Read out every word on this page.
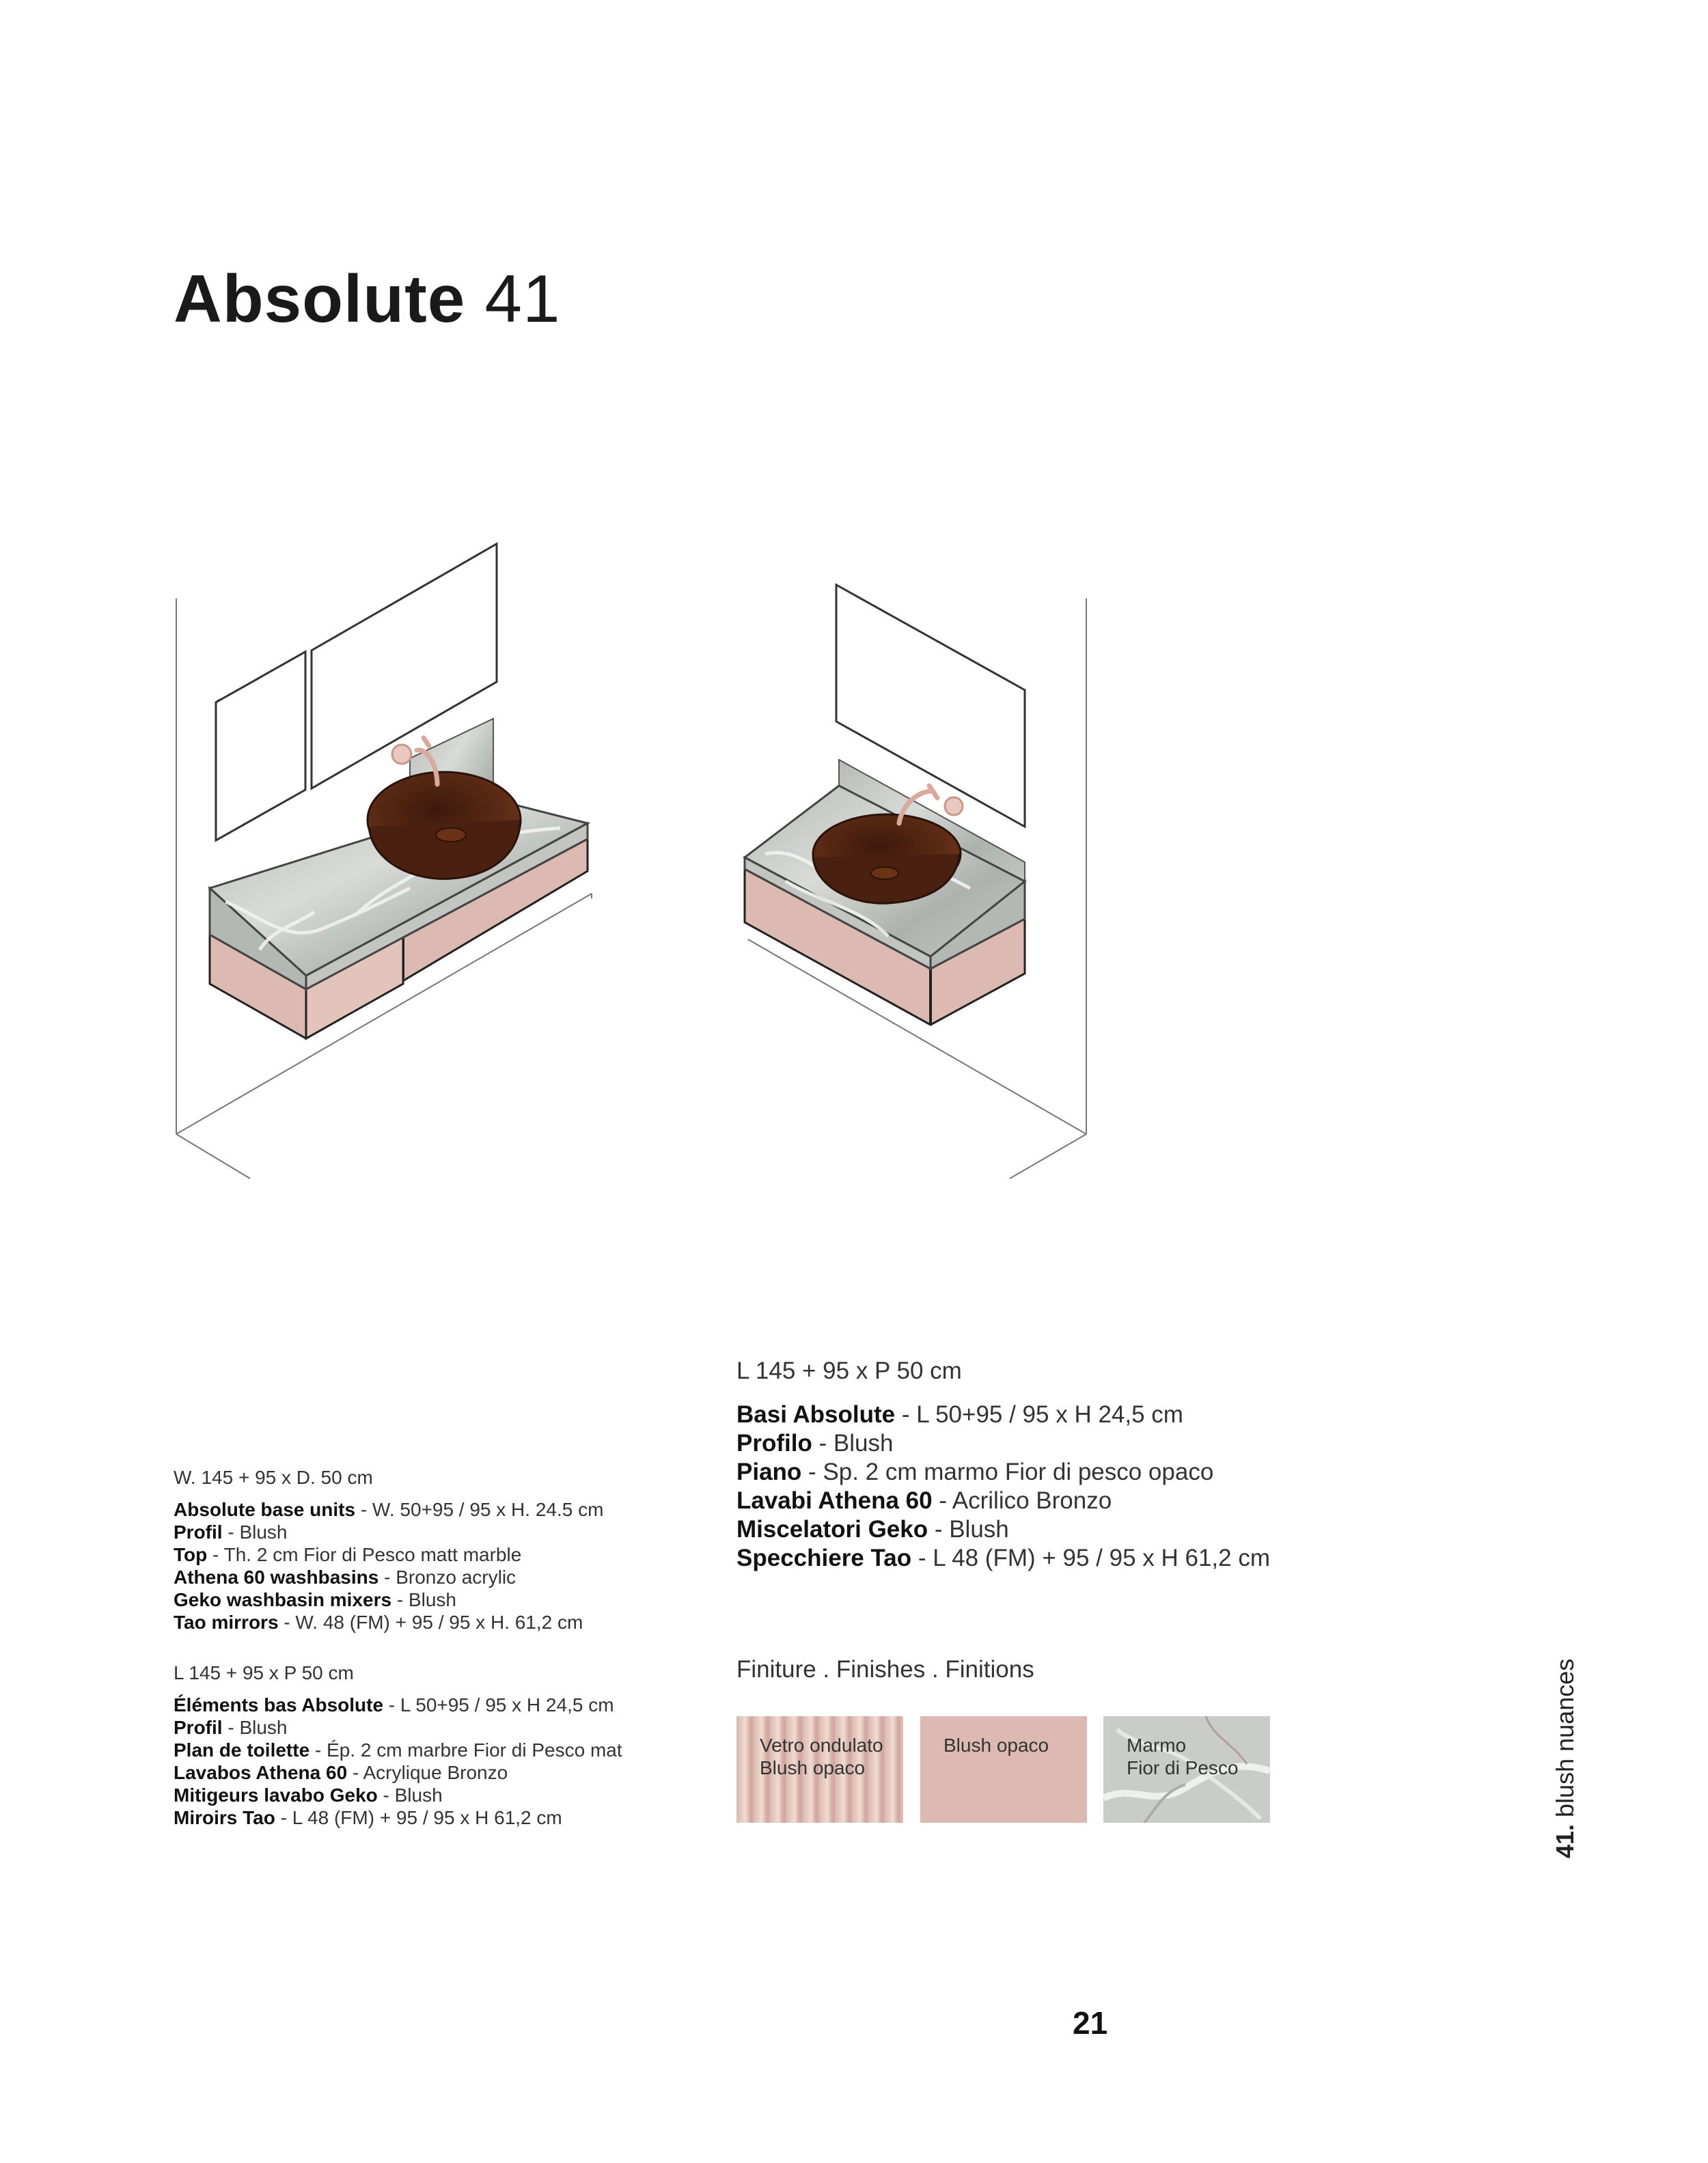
Absolute 41
W. 145 + 95 x D. 50 cm
Absolute base units - W. 50+95 / 95 x H. 24.5 cm
Profil - Blush
Top - Th. 2 cm Fior di Pesco matt marble
Athena 60 washbasins - Bronzo acrylic
Geko washbasin mixers - Blush
Tao mirrors - W. 48 (FM) + 95 / 95 x H. 61,2 cm
L 145 + 95 x P 50 cm
Éléments bas Absolute - L 50+95 / 95 x H 24,5 cm
Profil - Blush
Plan de toilette - Ép. 2 cm marbre Fior di Pesco mat
Lavabos Athena 60 - Acrylique Bronzo
Mitigeurs lavabo Geko - Blush
Miroirs Tao - L 48 (FM) + 95 / 95 x H 61,2 cm
L 145 + 95 x P 50 cm
Basi Absolute - L 50+95 / 95 x H 24,5 cm
Profilo - Blush
Piano - Sp. 2 cm marmo Fior di pesco opaco
Lavabi Athena 60 - Acrilico Bronzo
Miscelatori Geko - Blush
Specchiere Tao - L 48 (FM) + 95 / 95 x H 61,2 cm
Finiture . Finishes . Finitions
Vetro ondulato
Blush opaco
Blush opaco	Marmo
Fior di Pesco
41. blush nuances
21
